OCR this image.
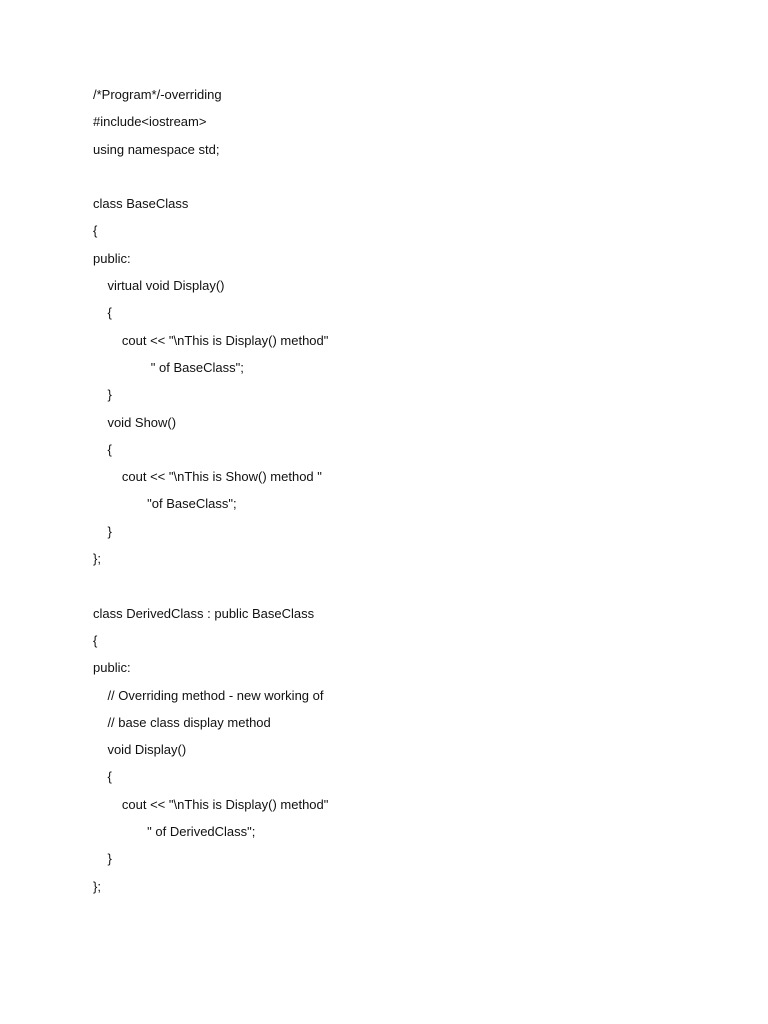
/*Program*/-overriding
#include<iostream>
using namespace std;
class BaseClass
{
public:
virtual void Display()
{
cout << "\nThis is Display() method"
" of BaseClass";
}
void Show()
{
cout << "\nThis is Show() method "
"of BaseClass";
}
};
class DerivedClass : public BaseClass
{
public:
// Overriding method - new working of
// base class display method
void Display()
{
cout << "\nThis is Display() method"
" of DerivedClass";
}
};
